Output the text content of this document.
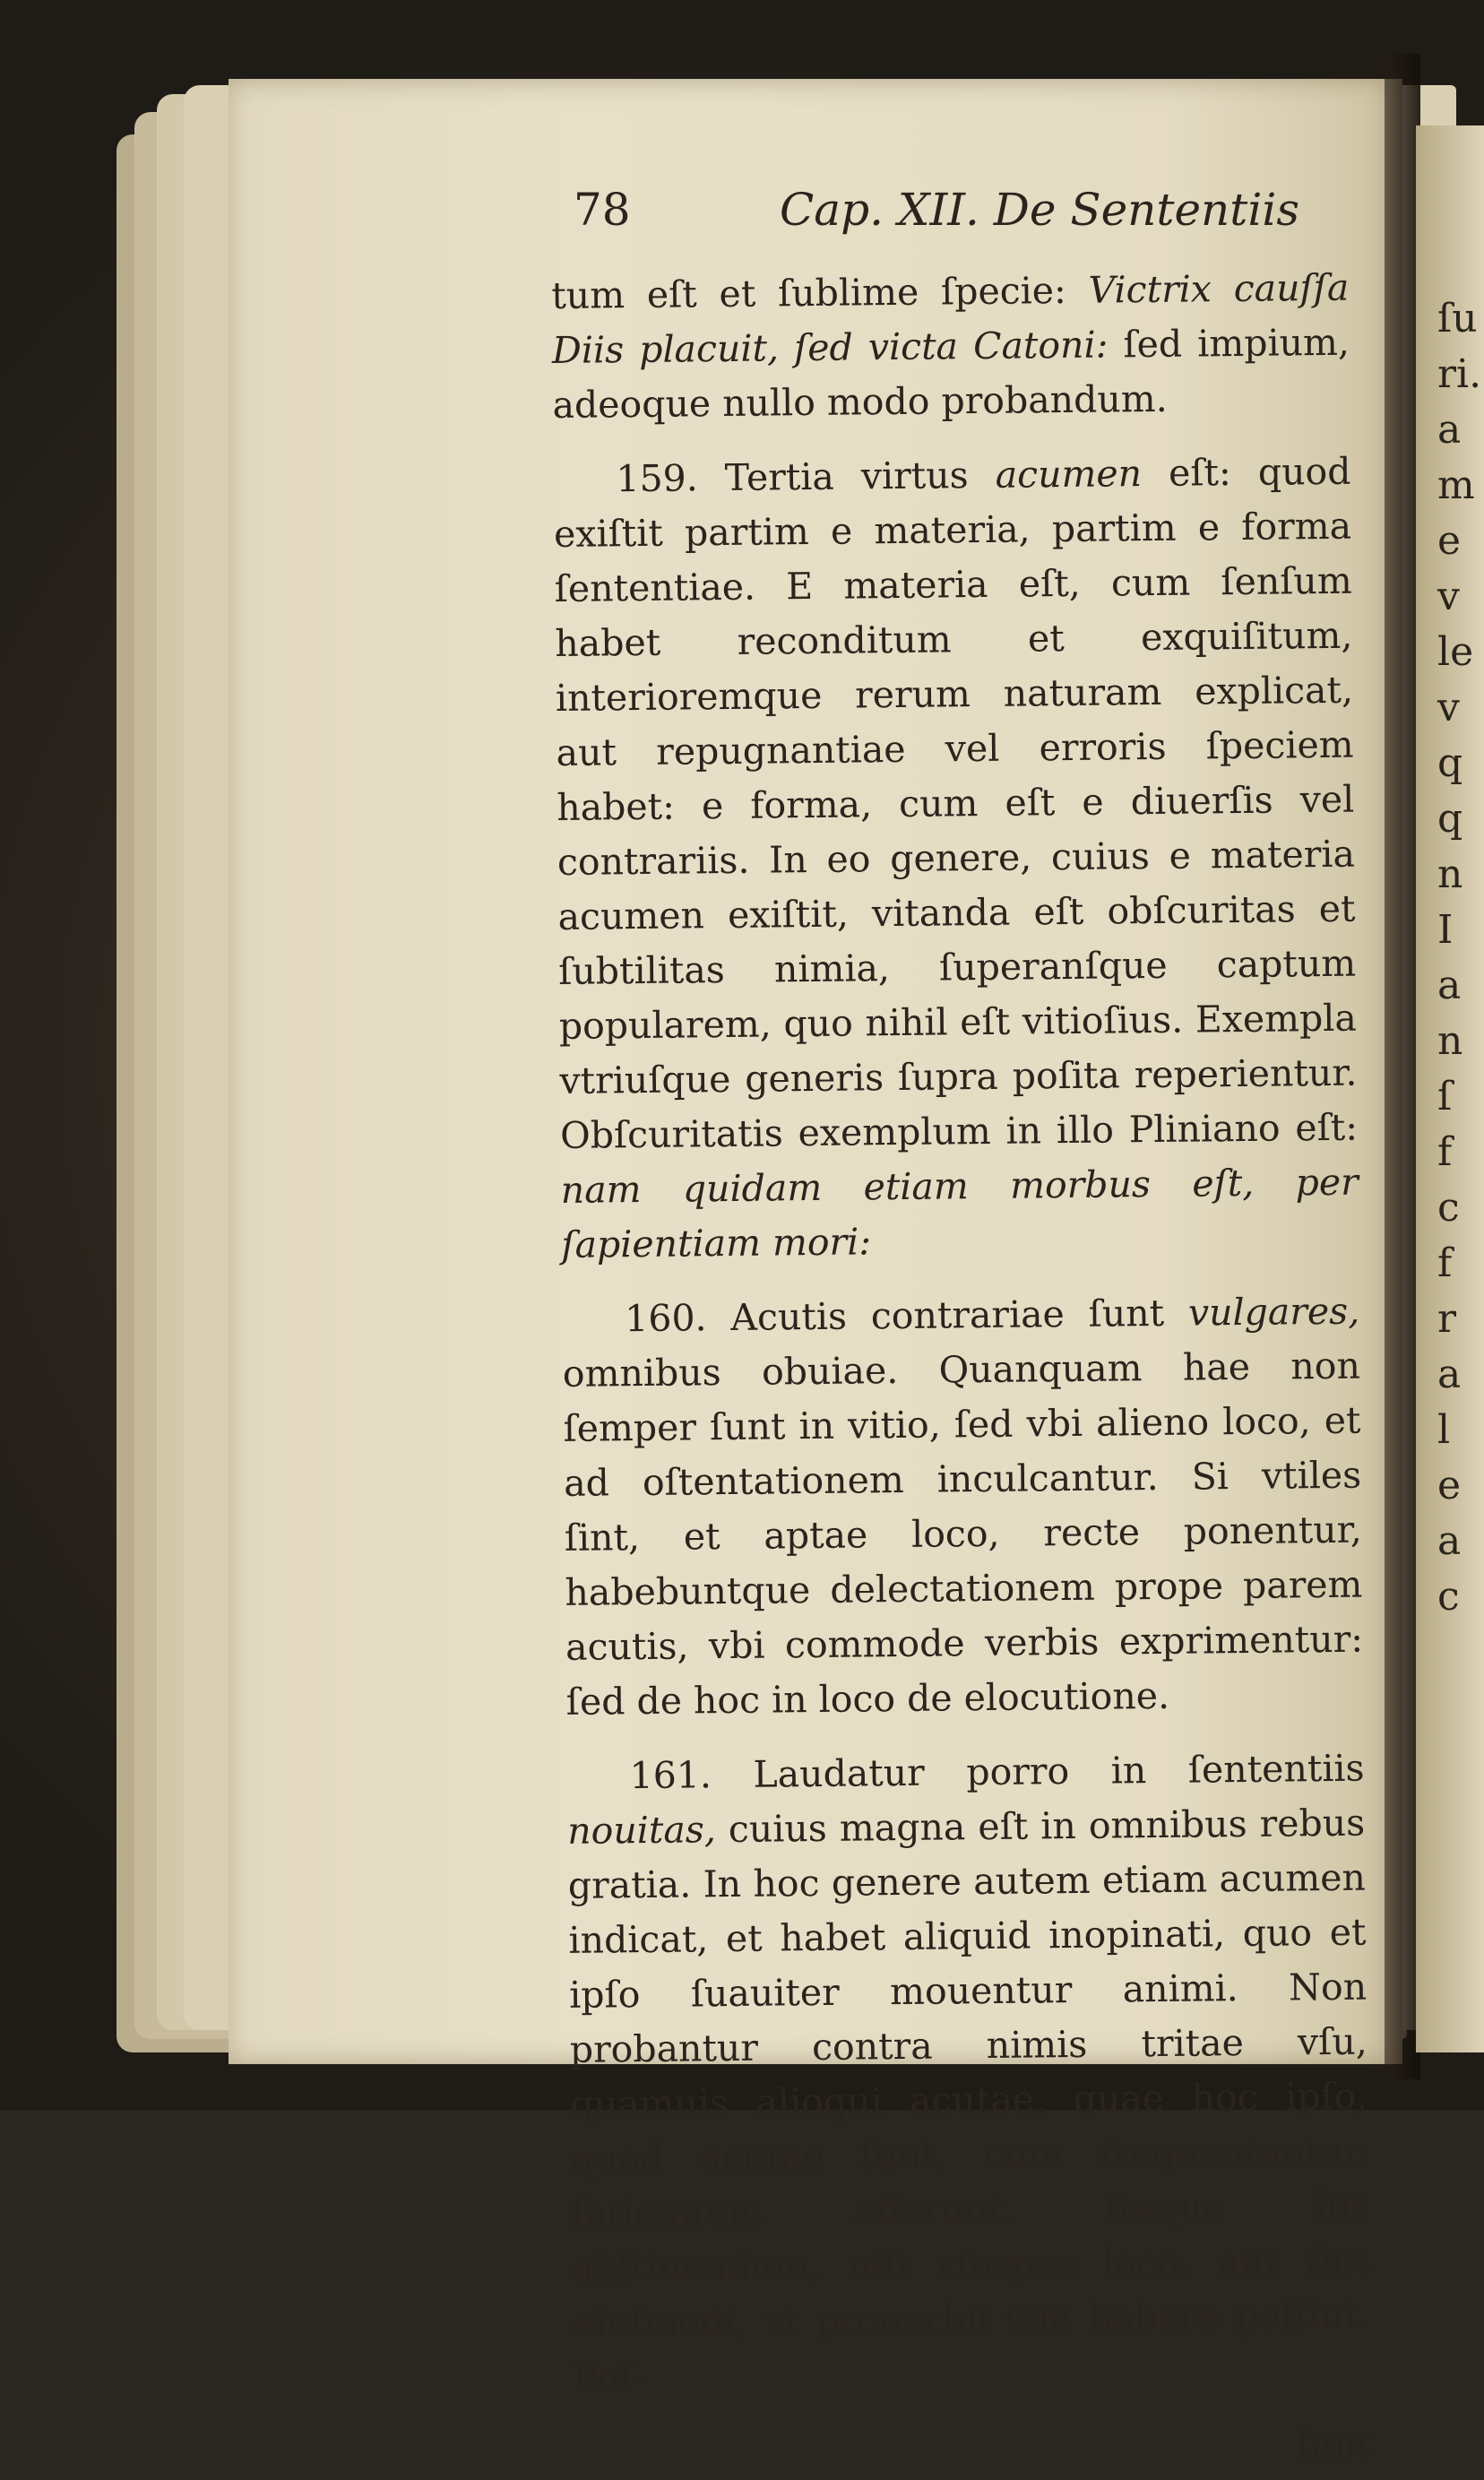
ſu
ri.
a
m
e
v
le
v
q
q
n
I
a
n
ſ
f
c
f
r
a
l
e
a
c
78	Cap. XII. De Sententiis

tum eſt et ſublime ſpecie: Victrix cauſſa Diis placuit, ſed victa Catoni: ſed impium, adeoque nullo modo probandum.

159. Tertia virtus acumen eſt: quod exiſtit partim e materia, partim e forma ſententiae. E materia eſt, cum ſenſum habet reconditum et exquiſitum, interioremque rerum naturam explicat, aut repugnantiae vel erroris ſpeciem habet: e forma, cum eſt e diuerſis vel contrariis. In eo genere, cuius e materia acumen exiſtit, vitanda eſt obſcuritas et ſubtilitas nimia, ſuperanſque captum popularem, quo nihil eſt vitioſius. Exempla vtriuſque generis ſupra poſita reperientur. Obſcuritatis exemplum in illo Pliniano eſt: nam quidam etiam morbus eſt, per ſapientiam mori:

160. Acutis contrariae ſunt vulgares, omnibus obuiae. Quanquam hae non ſemper ſunt in vitio, ſed vbi alieno loco, et ad oſtentationem inculcantur. Si vtiles ſint, et aptae loco, recte ponentur, habebuntque delectationem prope parem acutis, vbi commode verbis exprimentur: ſed de hoc in loco de elocutione.

161. Laudatur porro in ſententiis nouitas, cuius magna eſt in omnibus rebus gratia. In hoc genere autem etiam acumen indicat, et habet aliquid inopinati, quo et ipſo ſuauiter mouentur animi. Non probantur contra nimis tritae vſu, quamuis alioqui acutae, quae hoc ipſo, quod acutae ſunt, cum frequentantur, ſatietatem afferunt. Itaque his abſtinendum, niſi vſurpes loco, aut ſint eiuſmodi, vt prouerbii vim habere poſſint. Poſ-

ſunt
